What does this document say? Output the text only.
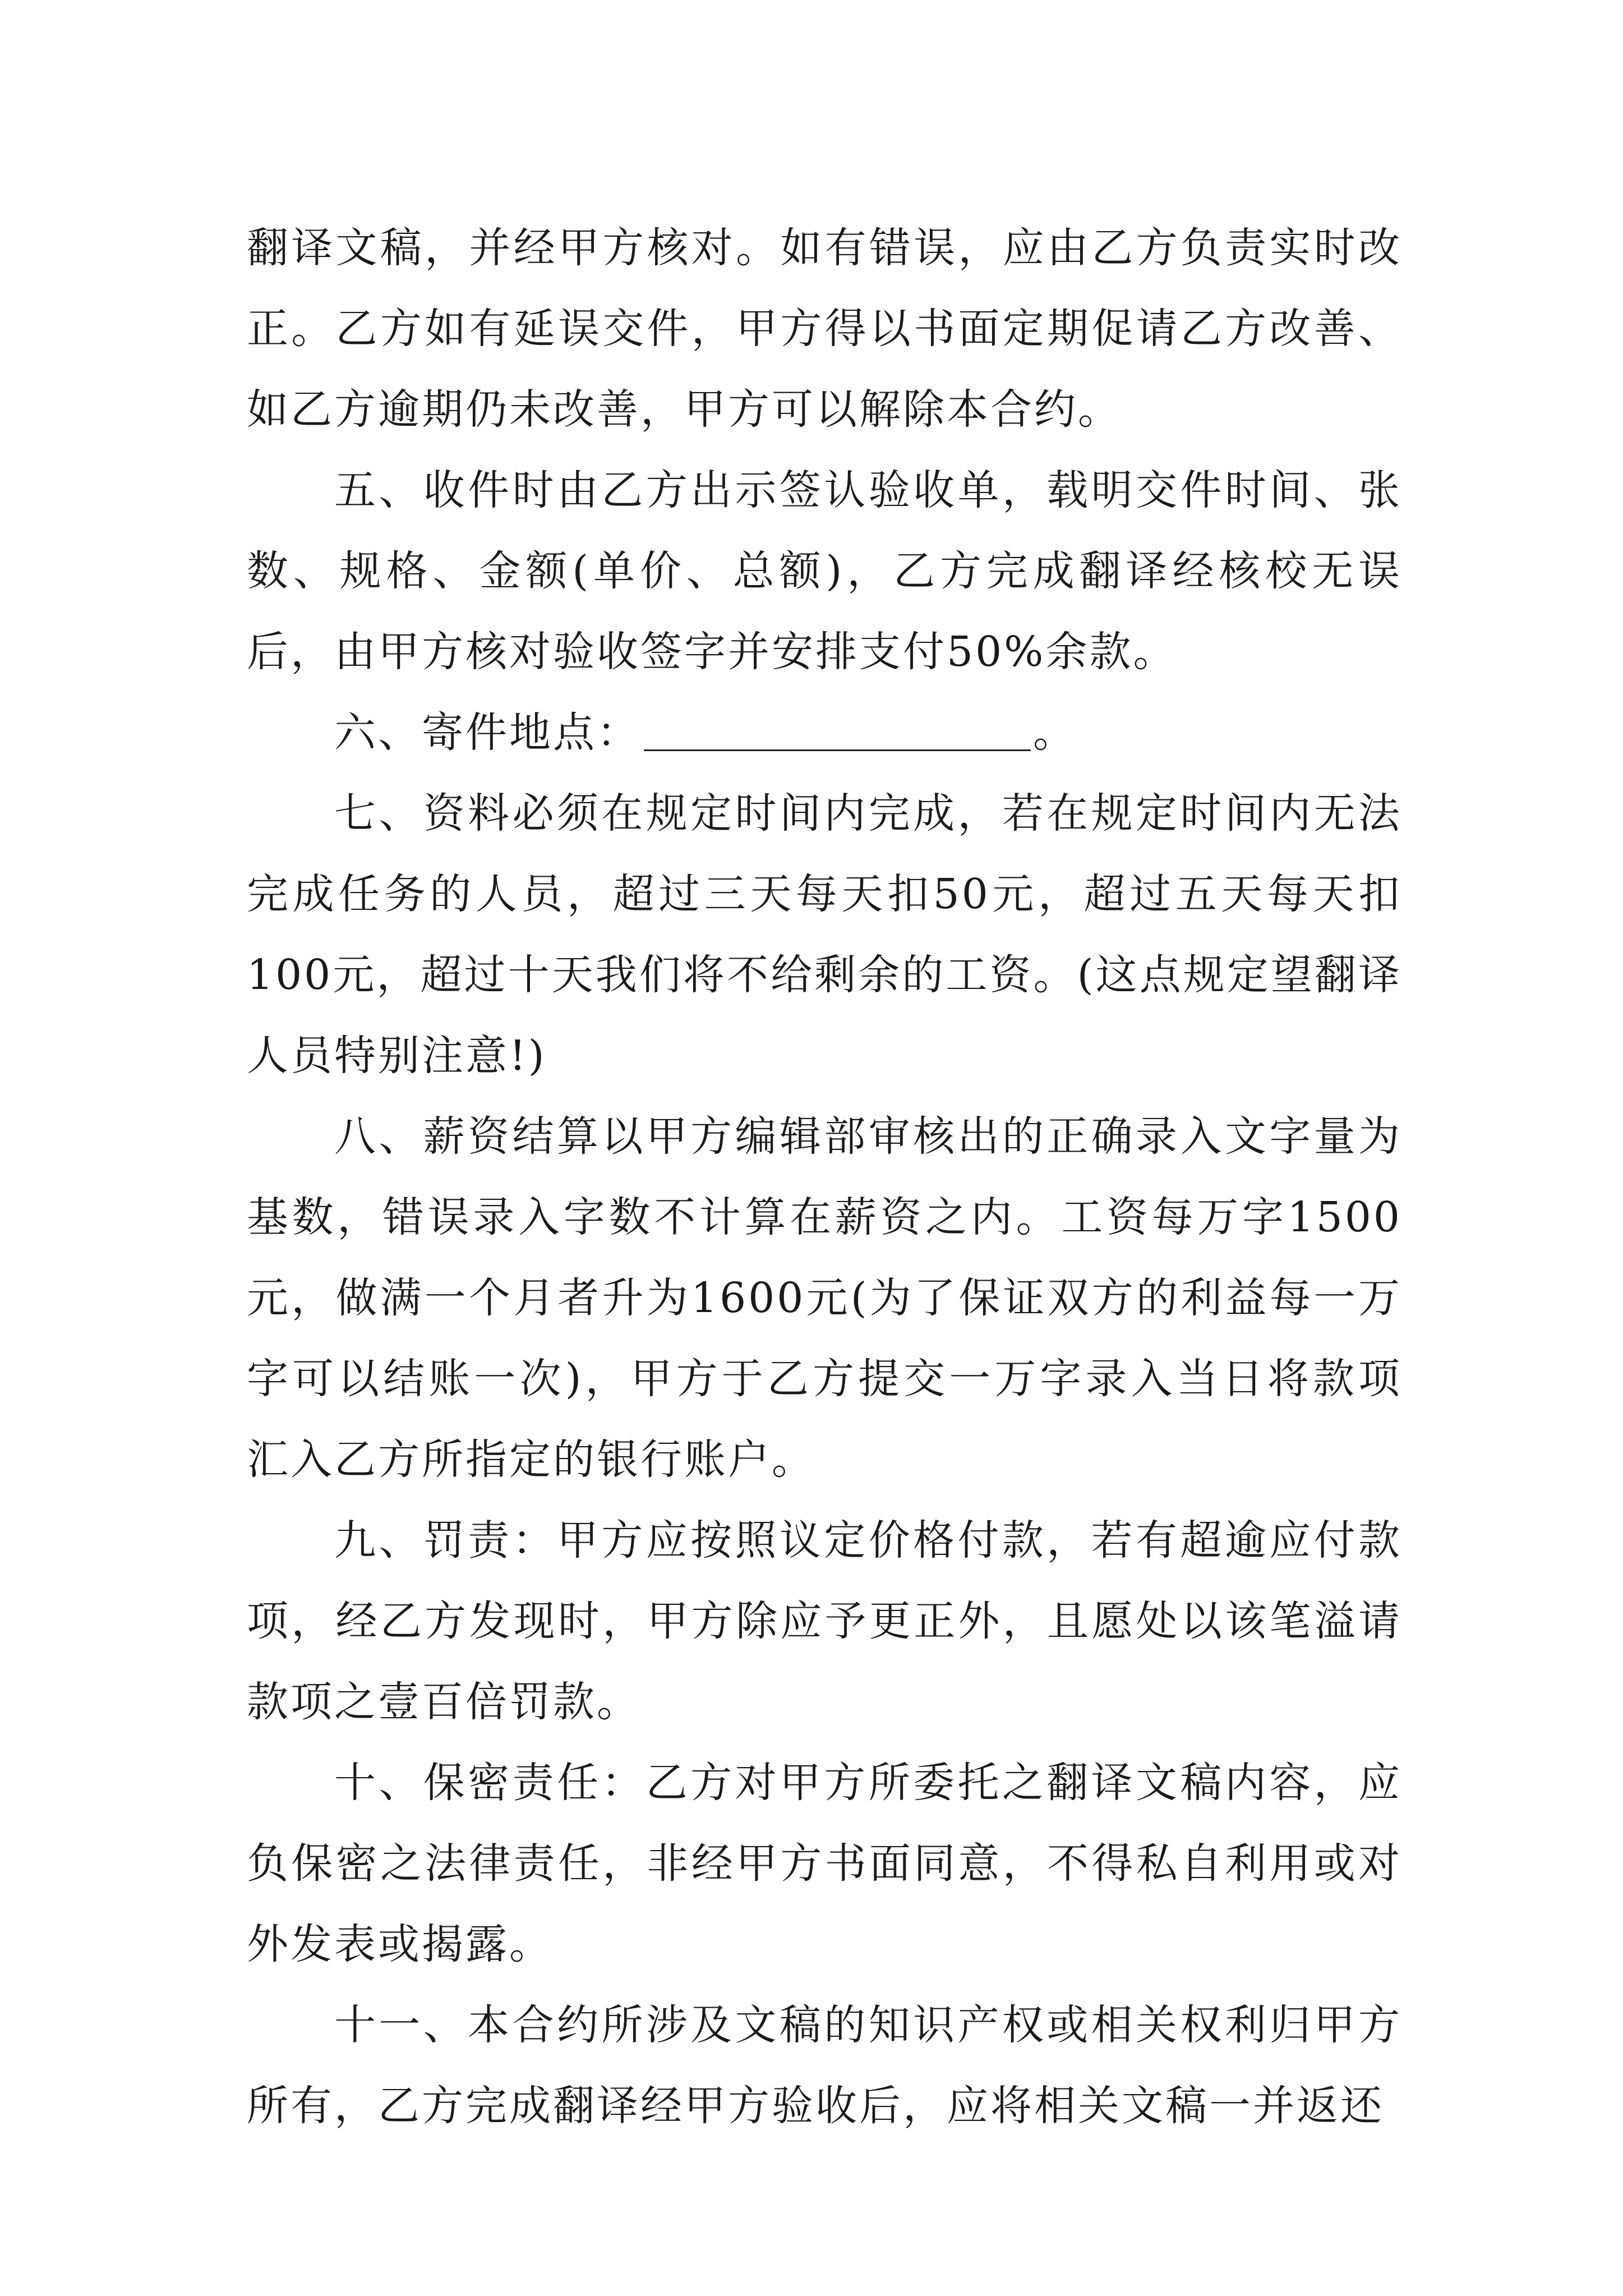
翻译文稿，并经甲方核对。如有错误，应由乙方负责实时改正。乙方如有延误交件，甲方得以书面定期促请乙方改善、如乙方逾期仍未改善，甲方可以解除本合约。

五、收件时由乙方出示签认验收单，载明交件时间、张数、规格、金额(单价、总额)，乙方完成翻译经核校无误后，由甲方核对验收签字并安排支付50%余款。

六、寄件地点：	。

七、资料必须在规定时间内完成，若在规定时间内无法完成任务的人员，超过三天每天扣50元，超过五天每天扣100元，超过十天我们将不给剩余的工资。(这点规定望翻译人员特别注意!)

八、薪资结算以甲方编辑部审核出的正确录入文字量为基数，错误录入字数不计算在薪资之内。工资每万字1500元，做满一个月者升为1600元(为了保证双方的利益每一万字可以结账一次)，甲方于乙方提交一万字录入当日将款项汇入乙方所指定的银行账户。

九、罚责：甲方应按照议定价格付款，若有超逾应付款项，经乙方发现时，甲方除应予更正外，且愿处以该笔溢请款项之壹百倍罚款。

十、保密责任：乙方对甲方所委托之翻译文稿内容，应负保密之法律责任，非经甲方书面同意，不得私自利用或对外发表或揭露。

十一、本合约所涉及文稿的知识产权或相关权利归甲方所有，乙方完成翻译经甲方验收后，应将相关文稿一并返还
